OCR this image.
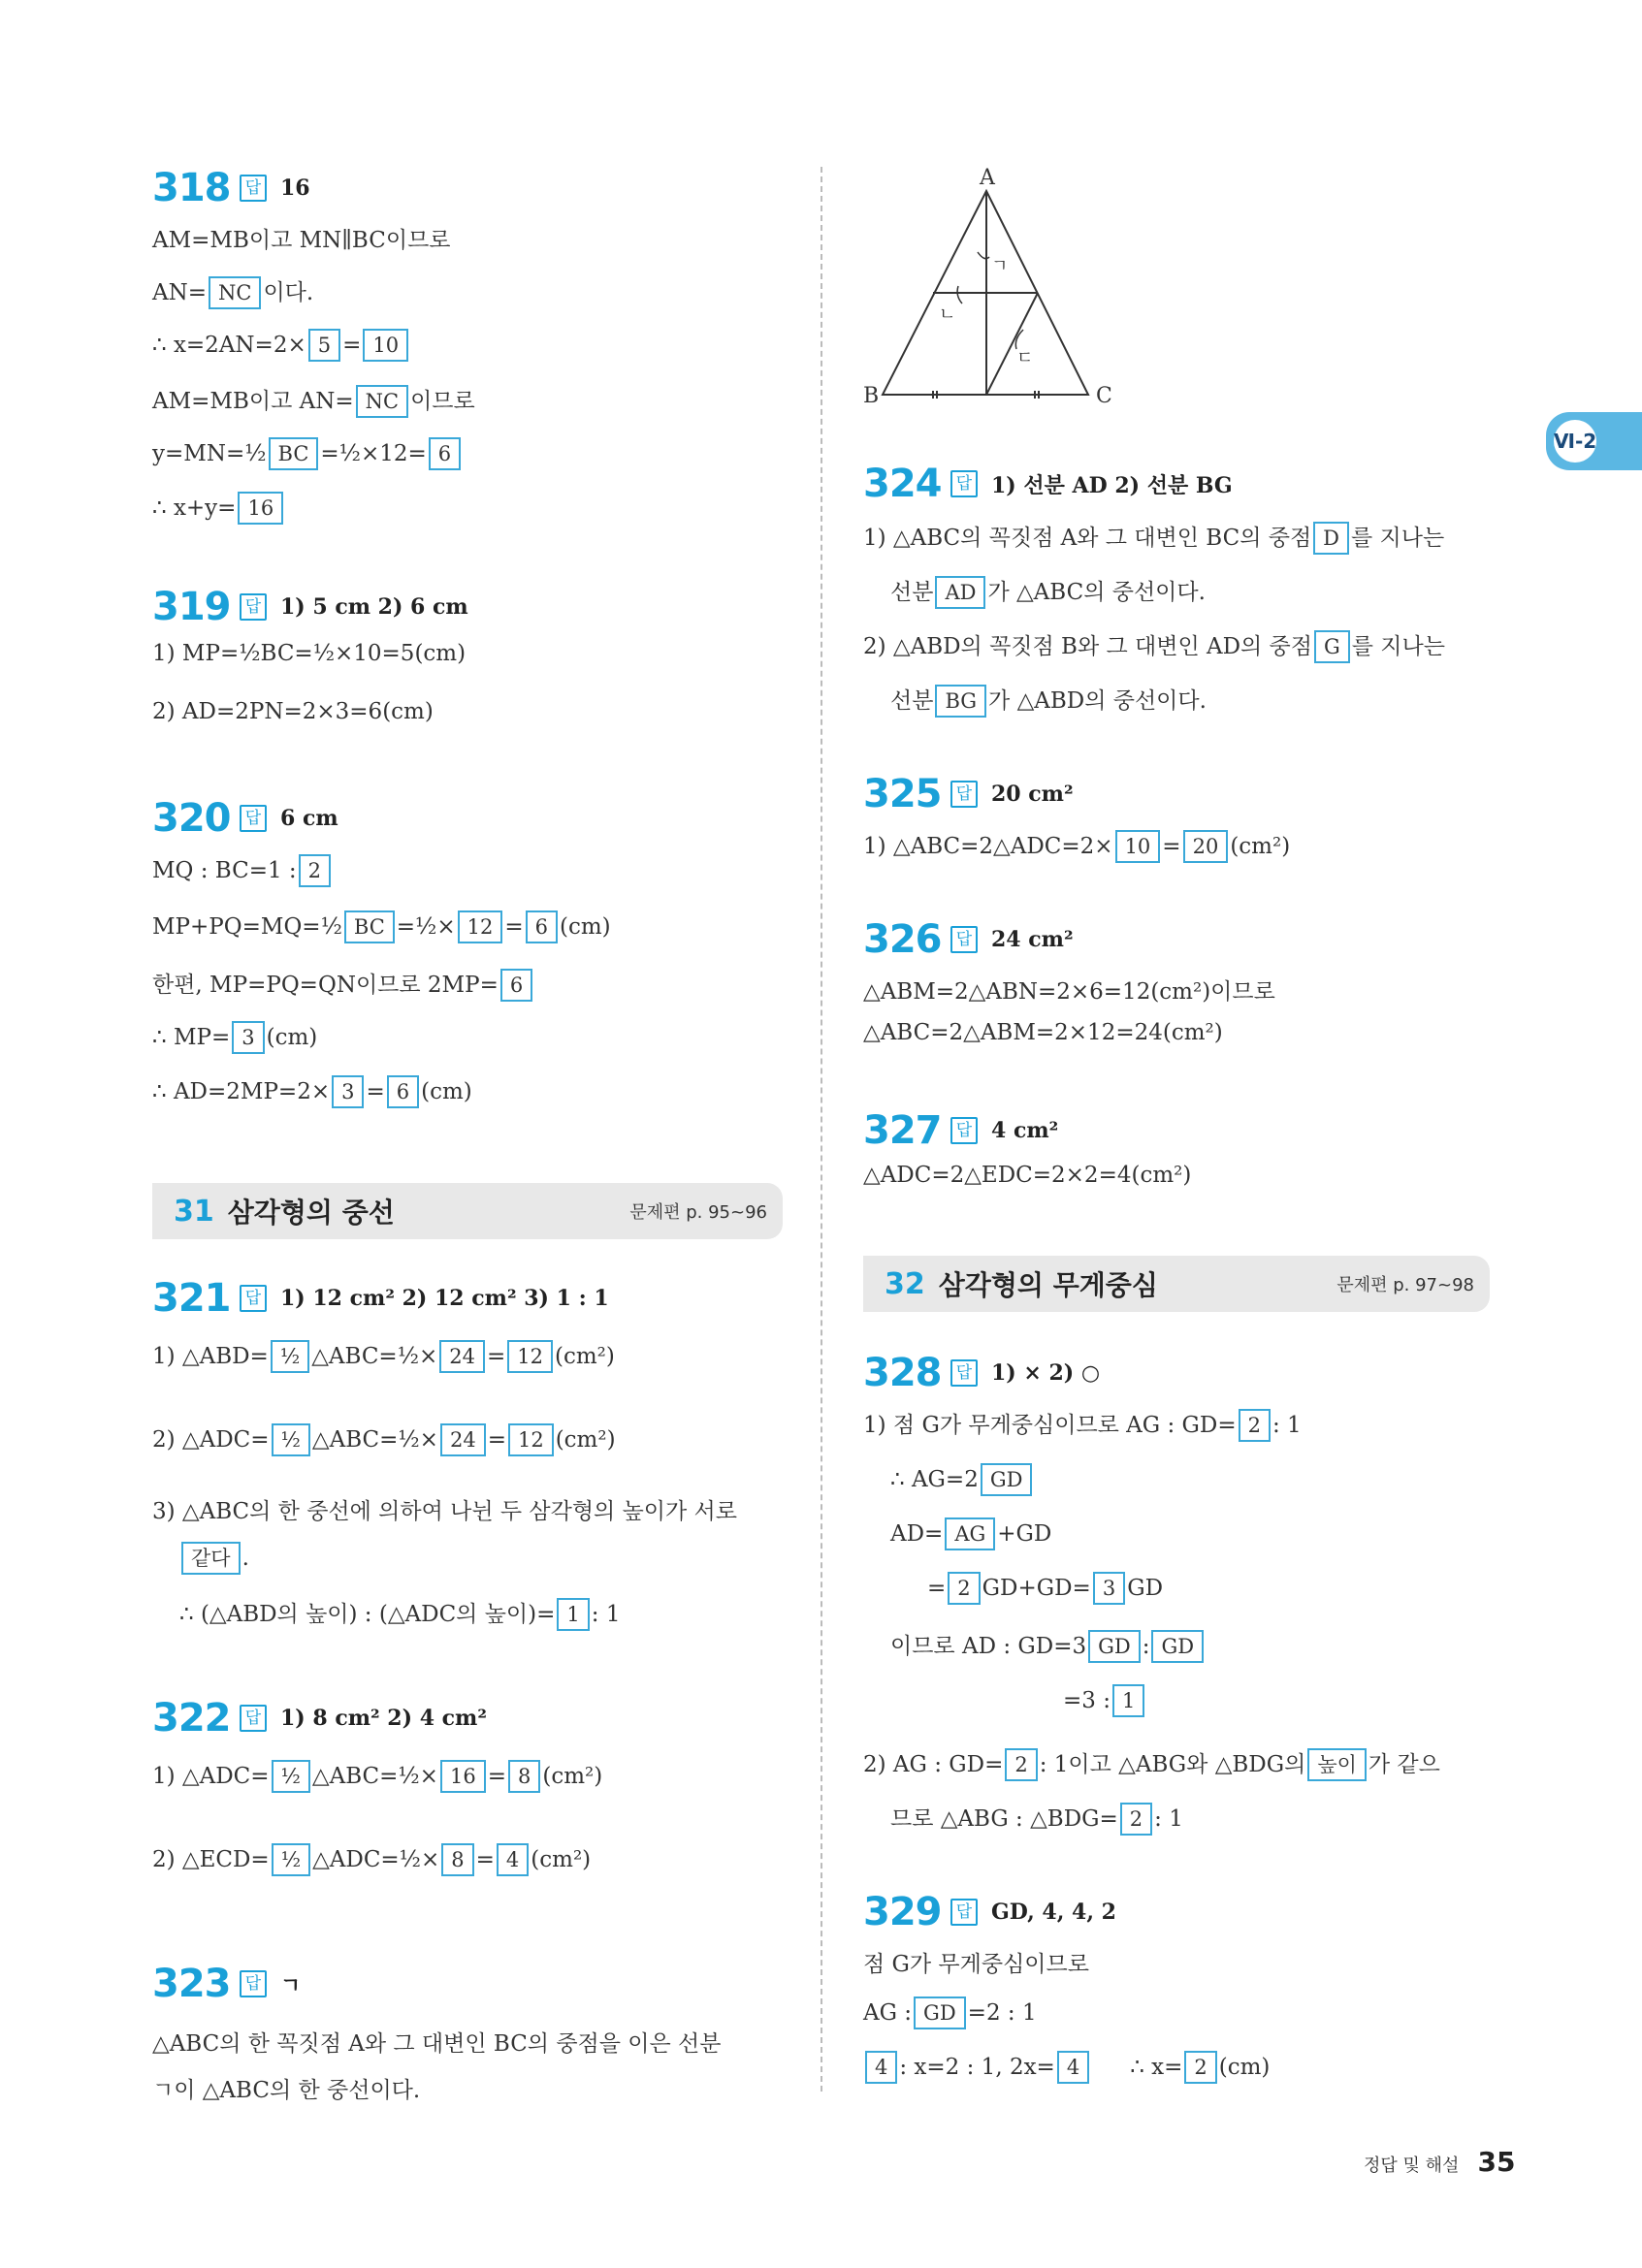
318 답 16
AM=MB이고 MN∥BC이므로
AN= NC 이다.
∴ x=2AN=2× 5 = 10
AM=MB이고 AN= NC 이므로
y=MN=½ BC =½×12= 6
∴ x+y= 16
319 답 1) 5 cm 2) 6 cm
1) MP=½BC=½×10=5(cm)
2) AD=2PN=2×3=6(cm)
320 답 6 cm
MQ : BC=1 : 2
MP+PQ=MQ=½ BC =½× 12 = 6 (cm)
한편, MP=PQ=QN이므로 2MP= 6
∴ MP= 3 (cm)
∴ AD=2MP=2× 3 = 6 (cm)
31 삼각형의 중선	문제편 p. 95~96
321 답 1) 12 cm² 2) 12 cm² 3) 1 : 1
1) △ABD= ½ △ABC=½× 24 = 12 (cm²)
2) △ADC= ½ △ABC=½× 24 = 12 (cm²)
3) △ABC의 한 중선에 의하여 나뉜 두 삼각형의 높이가 서로
같다 .
∴ (△ABD의 높이) : (△ADC의 높이)= 1 : 1
322 답 1) 8 cm² 2) 4 cm²
1) △ADC= ½ △ABC=½× 16 = 8 (cm²)
2) △ECD= ½ △ADC=½× 8 = 4 (cm²)
323 답 ㄱ
△ABC의 한 꼭짓점 A와 그 대변인 BC의 중점을 이은 선분
ㄱ이 △ABC의 한 중선이다.
A
B	C
ㄱ
ㄴ
ㄷ
324 답 1) 선분 AD 2) 선분 BG
1) △ABC의 꼭짓점 A와 그 대변인 BC의 중점 D 를 지나는
선분 AD 가 △ABC의 중선이다.
2) △ABD의 꼭짓점 B와 그 대변인 AD의 중점 G 를 지나는
선분 BG 가 △ABD의 중선이다.
325 답 20 cm²
1) △ABC=2△ADC=2× 10 = 20 (cm²)
326 답 24 cm²
△ABM=2△ABN=2×6=12(cm²)이므로
△ABC=2△ABM=2×12=24(cm²)
327 답 4 cm²
△ADC=2△EDC=2×2=4(cm²)
32 삼각형의 무게중심	문제편 p. 97~98
328 답 1) × 2) ○
1) 점 G가 무게중심이므로 AG : GD= 2 : 1
∴ AG=2 GD
AD= AG +GD
= 2 GD+GD= 3 GD
이므로 AD : GD=3 GD : GD
=3 : 1
2) AG : GD= 2 : 1이고 △ABG와 △BDG의 높이 가 같으
므로 △ABG : △BDG= 2 : 1
329 답 GD, 4, 4, 2
점 G가 무게중심이므로
AG : GD =2 : 1
4 : x=2 : 1, 2x= 4 ∴ x= 2 (cm)
Ⅵ-2
정답 및 해설 35
